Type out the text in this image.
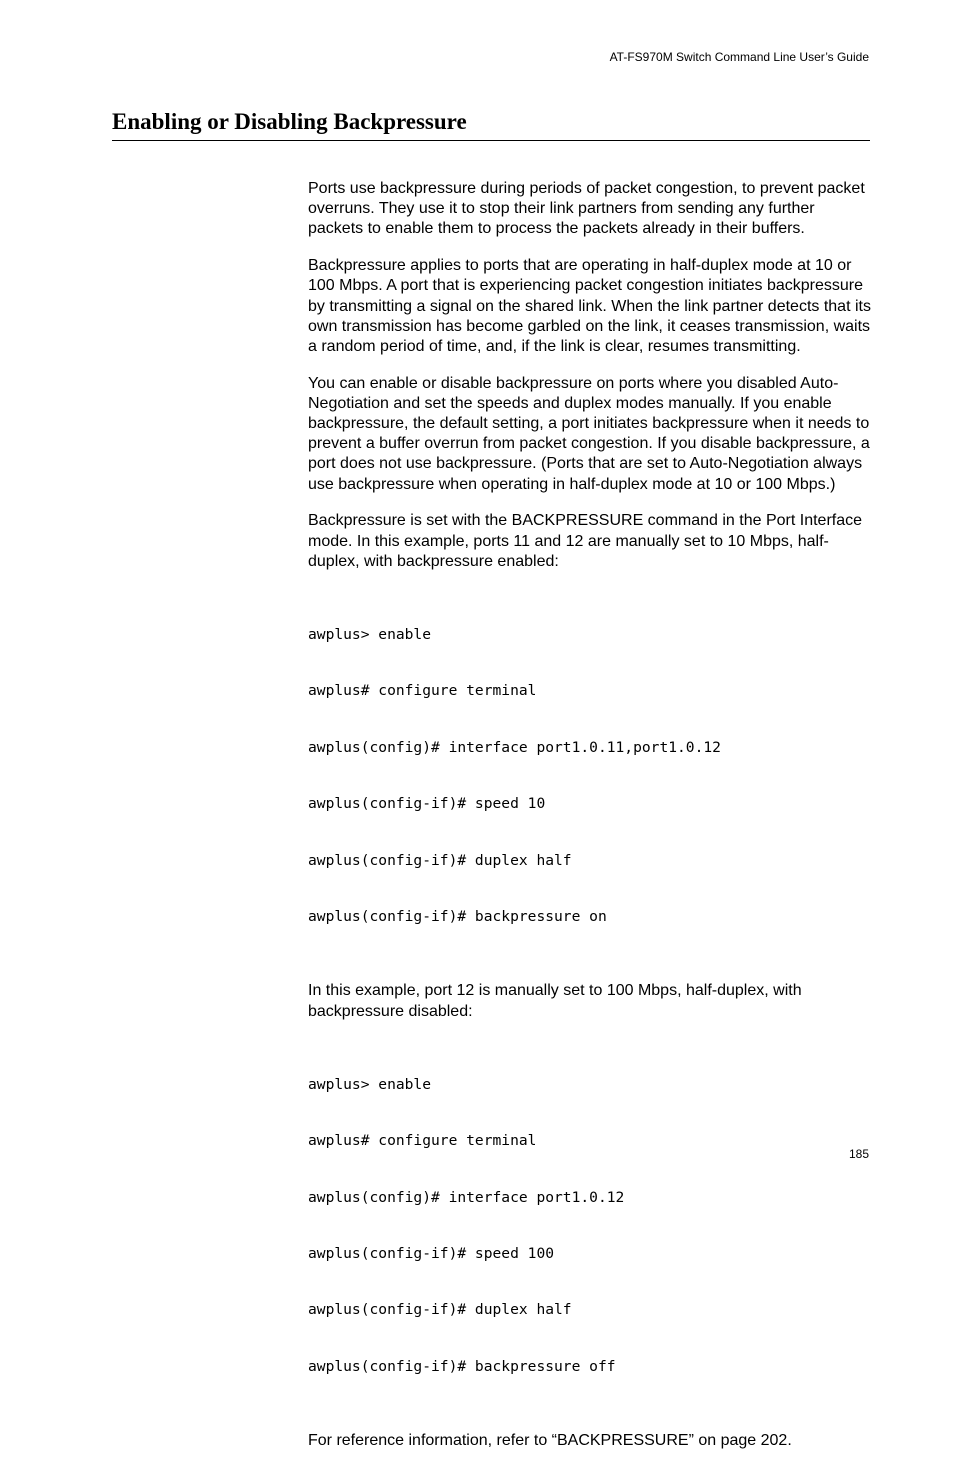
AT-FS970M Switch Command Line User’s Guide
Enabling or Disabling Backpressure

Ports use backpressure during periods of packet congestion, to prevent packet overruns. They use it to stop their link partners from sending any further packets to enable them to process the packets already in their buffers.

Backpressure applies to ports that are operating in half-duplex mode at 10 or 100 Mbps. A port that is experiencing packet congestion initiates backpressure by transmitting a signal on the shared link. When the link partner detects that its own transmission has become garbled on the link, it ceases transmission, waits a random period of time, and, if the link is clear, resumes transmitting.

You can enable or disable backpressure on ports where you disabled Auto-Negotiation and set the speeds and duplex modes manually. If you enable backpressure, the default setting, a port initiates backpressure when it needs to prevent a buffer overrun from packet congestion. If you disable backpressure, a port does not use backpressure. (Ports that are set to Auto-Negotiation always use backpressure when operating in half-duplex mode at 10 or 100 Mbps.)

Backpressure is set with the BACKPRESSURE command in the Port Interface mode. In this example, ports 11 and 12 are manually set to 10 Mbps, half-duplex, with backpressure enabled:

awplus> enable

awplus# configure terminal

awplus(config)# interface port1.0.11,port1.0.12

awplus(config-if)# speed 10

awplus(config-if)# duplex half

awplus(config-if)# backpressure on

In this example, port 12 is manually set to 100 Mbps, half-duplex, with backpressure disabled:

awplus> enable

awplus# configure terminal

awplus(config)# interface port1.0.12

awplus(config-if)# speed 100

awplus(config-if)# duplex half

awplus(config-if)# backpressure off

For reference information, refer to “BACKPRESSURE” on page 202.

185
